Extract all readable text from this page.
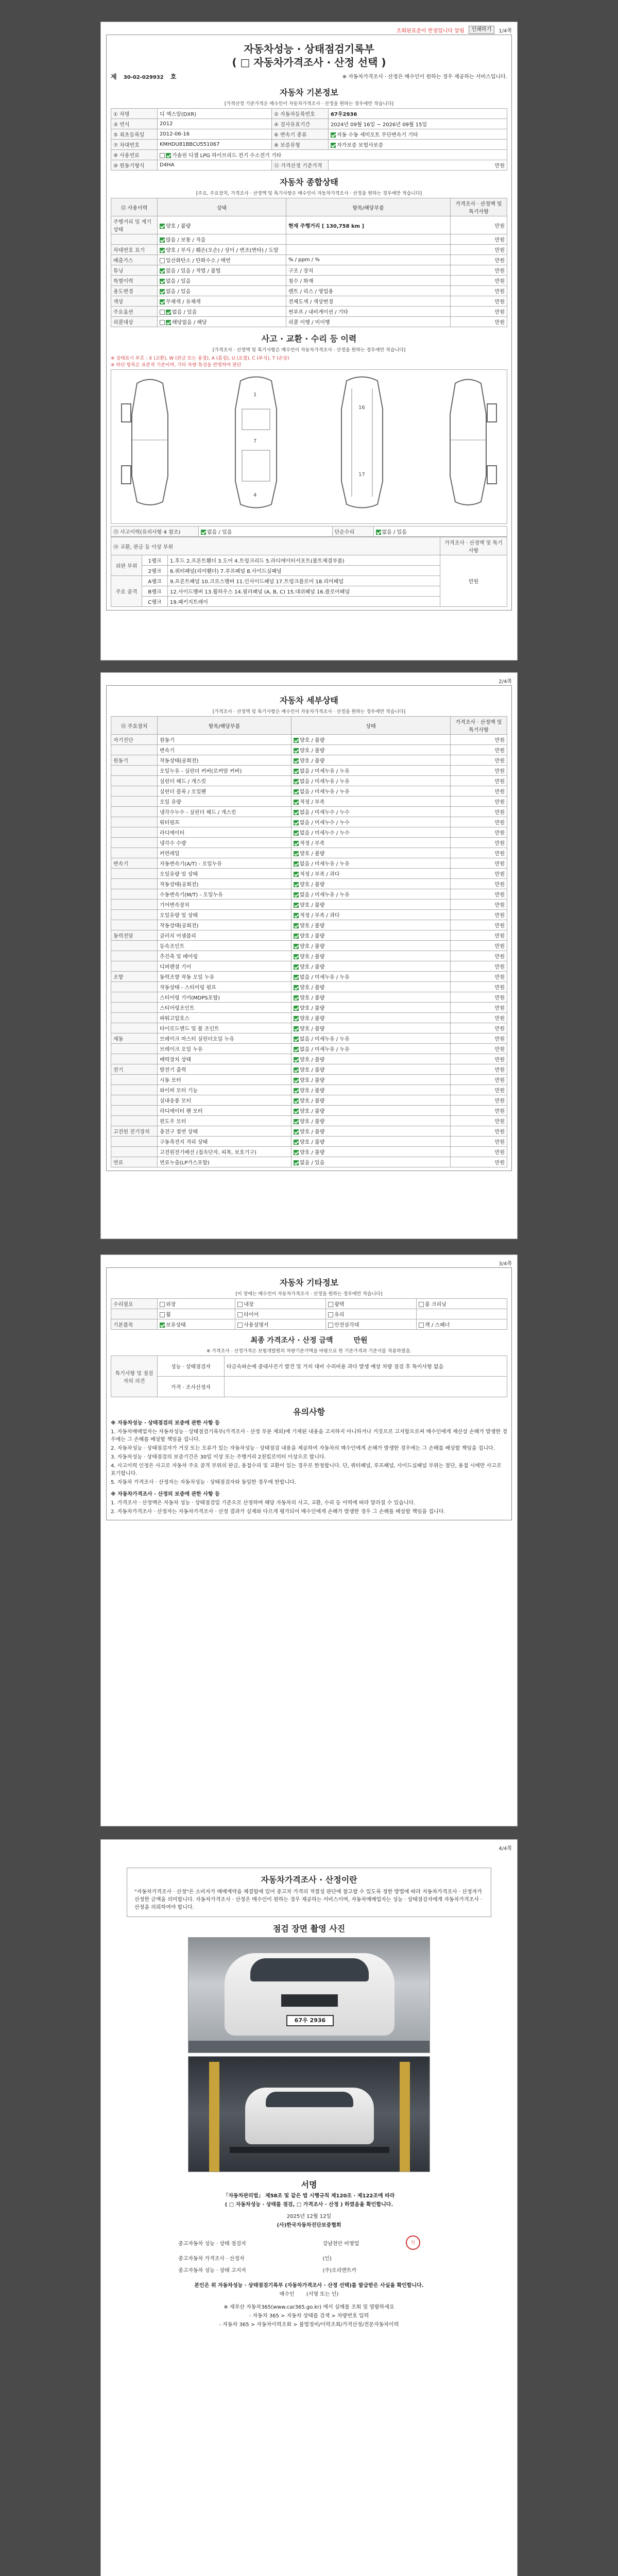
조회된표준이 반점입니다 알림	인쇄하기	1/4쪽
자동차성능 · 상태점검기록부
( □ 자동차가격조사 · 산정 선택 )
제 30-02-029932 호	※ 자동차가격조사 · 산정은 매수인이 원하는 경우 제공하는 서비스입니다.
자동차 기본정보
[가격산정 기준가격은 매수인이 자동차가격조사 · 산정을 원하는 경우에만 적습니다]
① 차명	디 엑스알(DXR)	② 자동차등록번호	67우2936
③ 연식	2012	④ 검사유효기간	2024년 09월 16일 ~ 2026년 09월 15일
⑤ 최초등록일	2012-06-16	⑥ 변속기 종류	자동 수동 세미오토 무단변속기 기타
⑦ 차대번호	KMHDU81BBCU551067	⑧ 보증유형	자가보증 보험사보증
⑨ 사용연료	가솔린 디젤 LPG 하이브리드 전기 수소전기 기타		
⑩ 원동기형식	D4HA	⑪ 가격산정 기준가격	만원
자동차 종합상태
[주요, 주요장치, 가격조사 · 산정액 및 특기사항은 매수인이 자동차가격조사 · 산정을 원하는 경우에만 적습니다]
⑫ 사용이력	상태	항목/해당부품	가격조사 · 산정액 및 특기사항
주행거리 및 계기상태	양호 / 불량	현재 주행거리 [ 130,758 km ]	만원
	많음 / 보통 / 적음		만원
차대번호 표기	양호 / 부식 / 훼손(오손) / 상이 / 변조(변타) / 도말		만원
배출가스	일산화탄소 / 탄화수소 / 매연	% / ppm / %	만원
튜닝	없음 / 있음 / 적법 / 불법	구조 / 장치	만원
특별이력	없음 / 있음	침수 / 화재	만원
용도변경	없음 / 있음	렌트 / 리스 / 영업용	만원
색상	무채색 / 유채색	전체도색 / 색상변경	만원
주요옵션	없음 / 있음	썬루프 / 내비게이션 / 기타	만원
리콜대상	해당없음 / 해당	리콜 이행 / 미이행	만원
사고 · 교환 · 수리 등 이력
[가격조사 · 산정액 및 특기사항은 매수인이 자동차가격조사 · 산정을 원하는 경우에만 적습니다]
※ 상태표시 부호 : X (교환), W (판금 또는 용접), A (흠집), U (요철), C (부식), T (손상)
※ 하단 항목은 표준적 기준이며, 기타 차량 특성을 반영하여 판단
1
7
4
16
17
⑬ 사고이력(유의사항 4 참조)	없음 / 있음	단순수리	없음 / 있음
⑭ 교환, 판금 등 이상 부위			가격조사 · 산정액 및 특기사항
외판 부위	1랭크	1.후드 2.프론트휀더 3.도어 4.트렁크리드 5.라디에이터서포트(볼트체결부품)	만원
	2랭크	6.쿼터패널(리어휀더) 7.루프패널 8.사이드실패널	
주요 골격	A랭크	9.프론트패널 10.크로스멤버 11.인사이드패널 17.트렁크플로어 18.리어패널	
	B랭크	12.사이드멤버 13.휠하우스 14.필러패널 (A, B, C) 15.대쉬패널 16.플로어패널	
	C랭크	19.패키지트레이	
2/4쪽
자동차 세부상태
[가격조사 · 산정액 및 특기사항은 매수인이 자동차가격조사 · 산정을 원하는 경우에만 적습니다]
⑮ 주요장치	항목/해당부품	상태	가격조사 · 산정액 및 특기사항
자기진단	원동기	양호 / 불량	만원
	변속기	양호 / 불량	만원
원동기	작동상태(공회전)	양호 / 불량	만원
	오일누유 - 실린더 커버(로커암 커버)	없음 / 미세누유 / 누유	만원
	실린더 헤드 / 개스킷	없음 / 미세누유 / 누유	만원
	실린더 블록 / 오일팬	없음 / 미세누유 / 누유	만원
	오일 유량	적정 / 부족	만원
	냉각수누수 - 실린더 헤드 / 개스킷	없음 / 미세누수 / 누수	만원
	워터펌프	없음 / 미세누수 / 누수	만원
	라디에이터	없음 / 미세누수 / 누수	만원
	냉각수 수량	적정 / 부족	만원
	커먼레일	양호 / 불량	만원
변속기	자동변속기(A/T) - 오일누유	없음 / 미세누유 / 누유	만원
	오일유량 및 상태	적정 / 부족 / 과다	만원
	작동상태(공회전)	양호 / 불량	만원
	수동변속기(M/T) - 오일누유	없음 / 미세누유 / 누유	만원
	기어변속장치	양호 / 불량	만원
	오일유량 및 상태	적정 / 부족 / 과다	만원
	작동상태(공회전)	양호 / 불량	만원
동력전달	클러치 어셈블리	양호 / 불량	만원
	등속조인트	양호 / 불량	만원
	추진축 및 베어링	양호 / 불량	만원
	디퍼렌셜 기어	양호 / 불량	만원
조향	동력조향 작동 오일 누유	없음 / 미세누유 / 누유	만원
	작동상태 - 스티어링 펌프	양호 / 불량	만원
	스티어링 기어(MDPS포함)	양호 / 불량	만원
	스티어링조인트	양호 / 불량	만원
	파워고압호스	양호 / 불량	만원
	타이로드엔드 및 볼 조인트	양호 / 불량	만원
제동	브레이크 마스터 실린더오일 누유	없음 / 미세누유 / 누유	만원
	브레이크 오일 누유	없음 / 미세누유 / 누유	만원
	배력장치 상태	양호 / 불량	만원
전기	발전기 출력	양호 / 불량	만원
	시동 모터	양호 / 불량	만원
	와이퍼 모터 기능	양호 / 불량	만원
	실내송풍 모터	양호 / 불량	만원
	라디에이터 팬 모터	양호 / 불량	만원
	윈도우 모터	양호 / 불량	만원
고전원 전기장치	충전구 절연 상태	양호 / 불량	만원
	구동축전지 격리 상태	양호 / 불량	만원
	고전원전기배선 (접속단자, 피복, 보호기구)	양호 / 불량	만원
연료	연료누출(LP가스포함)	없음 / 있음	만원
3/4쪽
자동차 기타정보
[이 장에는 매수인이 자동차가격조사 · 산정을 원하는 경우에만 적습니다]
수리필요	외장	내장	광택	룸 크리닝
	휠	타이어	유리	
기본품목	보유상태	사용설명서	안전삼각대	잭 / 스패너
최종 가격조사 · 산정 금액	만원
※ 가격조사 · 산정가격은 보험개발원의 차량기준가액을 바탕으로 한 기준가격과 기준서를 적용하였음.
특기사항 및 점검자의 의견	성능 · 상태점검자	타금속파손에 중대사진기 발견 및 가치 대비 수리비용 과다 발생 예상 차량 점검 후 특이사항 없음
	가격 · 조사산정자	
유의사항
※ 자동차성능 · 상태점검의 보증에 관한 사항 등
1. 자동차매매업자는 자동차성능 · 상태점검기록부(가격조사 · 산정 부분 제외)에 기재된 내용을 고지하지 아니하거나 거짓으로 고지함으로써 매수인에게 재산상 손해가 발생한 경우에는 그 손해를 배상할 책임을 집니다.
2. 자동차성능 · 상태점검자가 거짓 또는 오류가 있는 자동차성능 · 상태점검 내용을 제공하여 자동차의 매수인에게 손해가 발생한 경우에는 그 손해를 배상할 책임을 집니다.
3. 자동차성능 · 상태점검의 보증기간은 30일 이상 또는 주행거리 2천킬로미터 이상으로 합니다.
4. 사고이력 인정은 사고로 자동차 주요 골격 부위의 판금, 용접수리 및 교환이 있는 경우로 한정합니다. 단, 쿼터패널, 루프패널, 사이드실패널 부위는 절단, 용접 시에만 사고로 표기합니다.
5. 자동차 가격조사 · 산정자는 자동차성능 · 상태점검자와 동일한 경우에 한합니다.
※ 자동차가격조사 · 산정의 보증에 관한 사항 등
1. 가격조사 · 산정액은 자동차 성능 · 상태점검일 기준으로 산정하며 해당 자동차의 사고, 교환, 수리 등 이력에 따라 달라질 수 있습니다.
2. 자동차가격조사 · 산정자는 자동차가격조사 · 산정 결과가 실제와 다르게 평가되어 매수인에게 손해가 발생한 경우 그 손해를 배상할 책임을 집니다.
4/4쪽
자동차가격조사 · 산정이란

"자동차가격조사 · 산정"은 소비자가 매매계약을 체결함에 있어 중고차 가격의 적절성 판단에 참고할 수 있도록 정한 방법에 따라 자동차가격조사 · 산정자가 산정한 금액을 의미합니다. 자동차가격조사 · 산정은 매수인이 원하는 경우 제공하는 서비스이며, 자동차매매업자는 성능 · 상태점검자에게 자동차가격조사 · 산정을 의뢰하여야 합니다.

점검 장면 촬영 사진
67우 2936
서명
「자동차관리법」 제58조 및 같은 법 시행규칙 제120조 · 제122조에 따라
( □ 자동차성능 · 상태를 점검, □ 가격조사 · 산정 ) 하였음을 확인합니다.
2025년 12월 12일
(사)한국자동차진단보증협회
중고자동차 성능 · 상태 점검자	강남천안 비영업	인
중고자동차 가격조사 · 산정자	(인)	
중고자동차 성능 · 상태 고지자	(주)오리엔트카	
본인은 위 자동차성능 · 상태점검기록부 (자동차가격조사 · 산정 선택)를 발급받은 사실을 확인합니다.
매수인 (서명 또는 인)
※ 세부산 자동차365(www.car365.go.kr) 에서 실매물 조회 및 열람하세요
- 자동차 365 > 자동차 상태를 검색 > 차량번호 입력
- 자동차 365 > 자동차이력조회 > 불법정비/이력조회/가격산정/전문자동차이력
